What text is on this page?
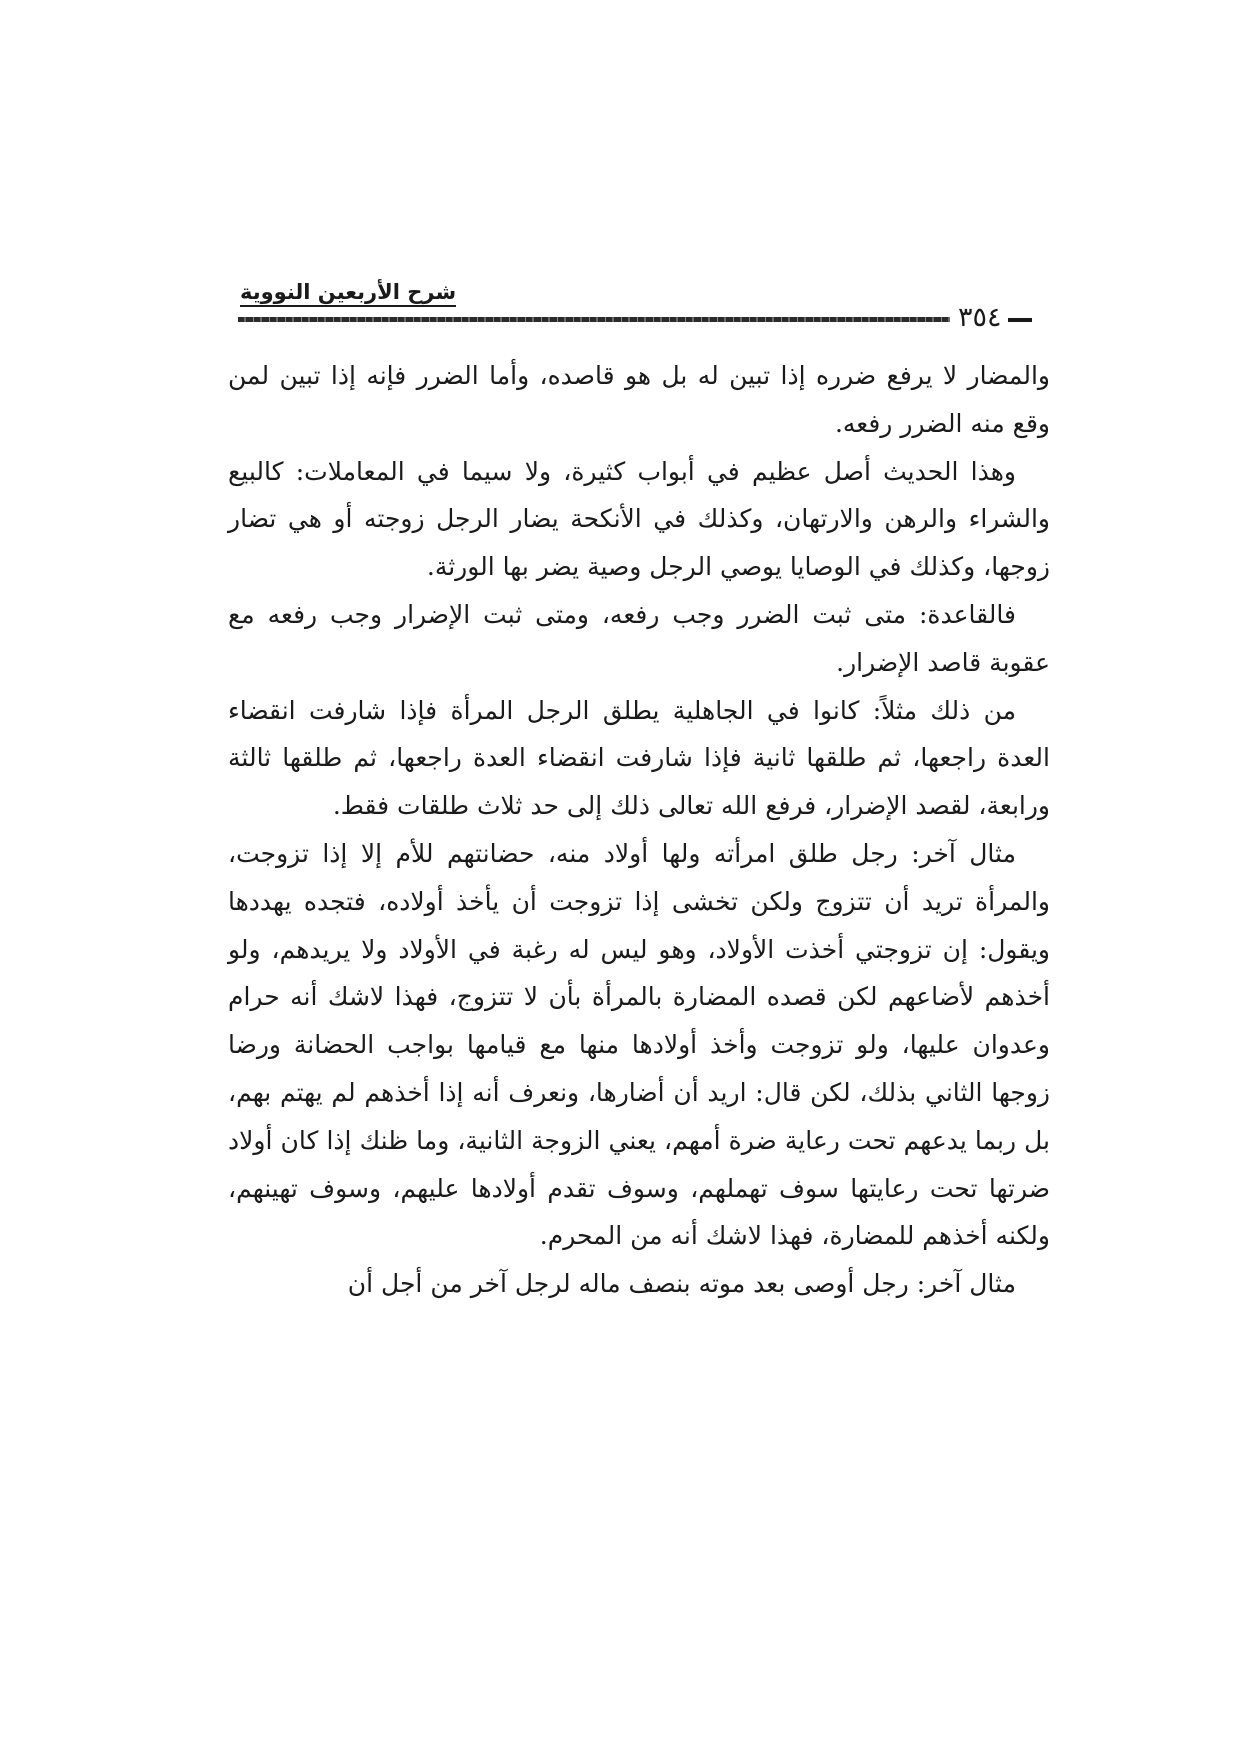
شرح الأربعين النووية
٣٥٤

والمضار لا يرفع ضرره إذا تبين له بل هو قاصده، وأما الضرر فإنه إذا تبين لمن وقع منه الضرر رفعه.

وهذا الحديث أصل عظيم في أبواب كثيرة، ولا سيما في المعاملات: كالبيع والشراء والرهن والارتهان، وكذلك في الأنكحة يضار الرجل زوجته أو هي تضار زوجها، وكذلك في الوصايا يوصي الرجل وصية يضر بها الورثة.

فالقاعدة: متى ثبت الضرر وجب رفعه، ومتى ثبت الإضرار وجب رفعه مع عقوبة قاصد الإضرار.

من ذلك مثلاً: كانوا في الجاهلية يطلق الرجل المرأة فإذا شارفت انقضاء العدة راجعها، ثم طلقها ثانية فإذا شارفت انقضاء العدة راجعها، ثم طلقها ثالثة ورابعة، لقصد الإضرار، فرفع الله تعالى ذلك إلى حد ثلاث طلقات فقط.

مثال آخر: رجل طلق امرأته ولها أولاد منه، حضانتهم للأم إلا إذا تزوجت، والمرأة تريد أن تتزوج ولكن تخشى إذا تزوجت أن يأخذ أولاده، فتجده يهددها ويقول: إن تزوجتي أخذت الأولاد، وهو ليس له رغبة في الأولاد ولا يريدهم، ولو أخذهم لأضاعهم لكن قصده المضارة بالمرأة بأن لا تتزوج، فهذا لاشك أنه حرام وعدوان عليها، ولو تزوجت وأخذ أولادها منها مع قيامها بواجب الحضانة ورضا زوجها الثاني بذلك، لكن قال: اريد أن أضارها، ونعرف أنه إذا أخذهم لم يهتم بهم، بل ربما يدعهم تحت رعاية ضرة أمهم، يعني الزوجة الثانية، وما ظنك إذا كان أولاد ضرتها تحت رعايتها سوف تهملهم، وسوف تقدم أولادها عليهم، وسوف تهينهم، ولكنه أخذهم للمضارة، فهذا لاشك أنه من المحرم.

مثال آخر: رجل أوصى بعد موته بنصف ماله لرجل آخر من أجل أن
